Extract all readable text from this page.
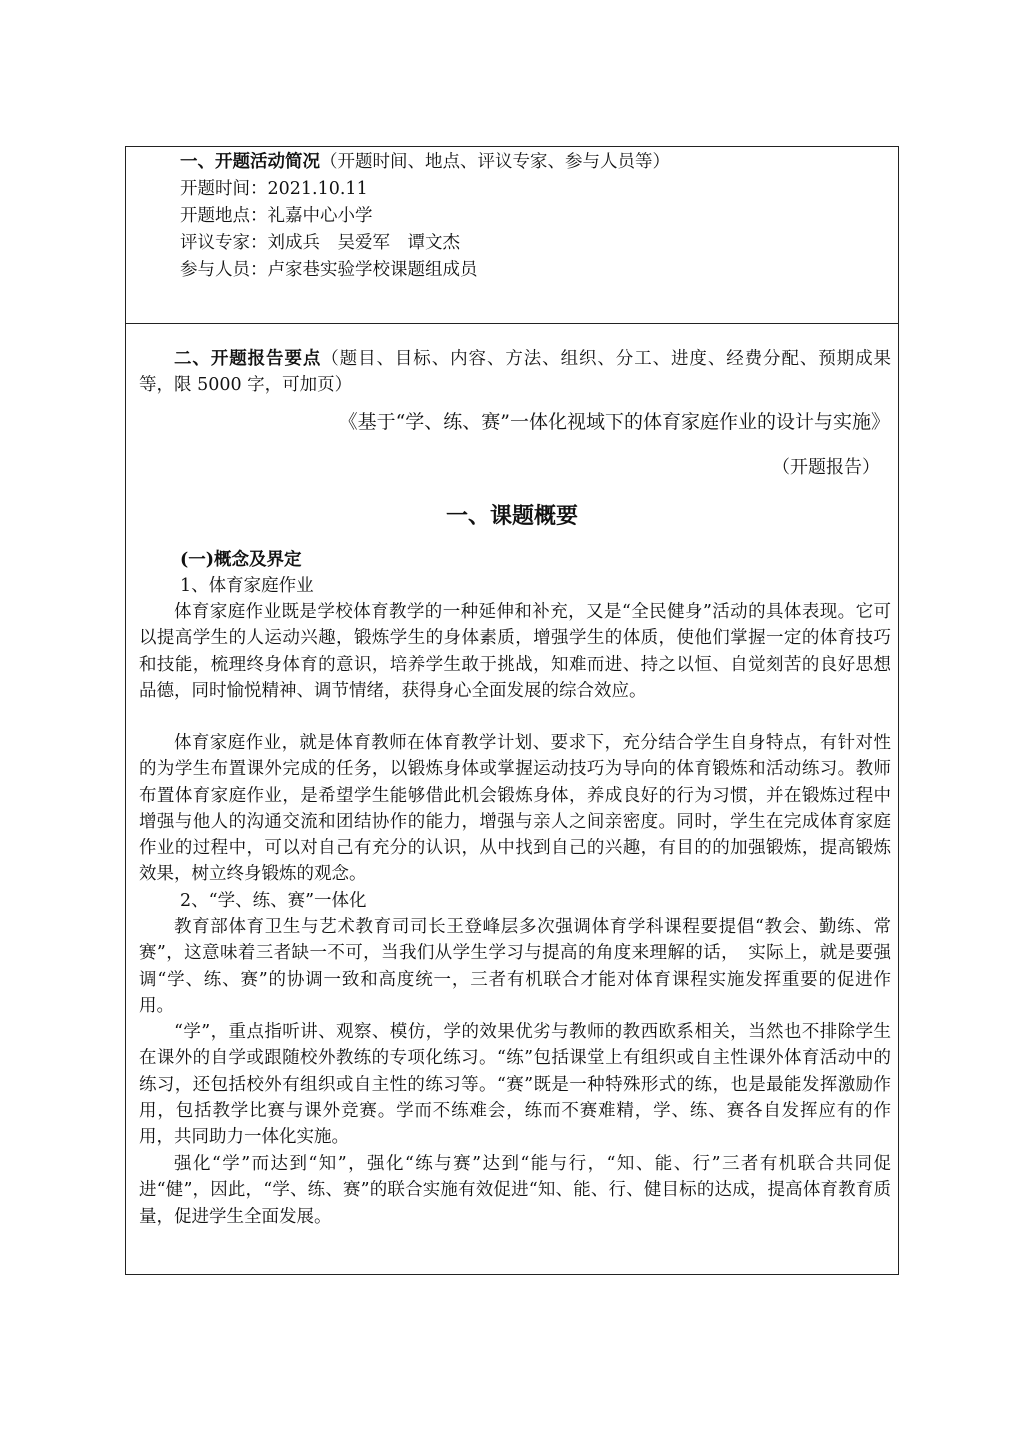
一、开题活动简况（开题时间、地点、评议专家、参与人员等）
开题时间：2021.10.11
开题地点：礼嘉中心小学
评议专家：刘成兵　吴爱军　谭文杰
参与人员：卢家巷实验学校课题组成员
二、开题报告要点（题目、目标、内容、方法、组织、分工、进度、经费分配、预期成果等，限 5000 字，可加页）
《基于“学、练、赛”一体化视域下的体育家庭作业的设计与实施》
（开题报告）
一、课题概要
(一)概念及界定
1、体育家庭作业
体育家庭作业既是学校体育教学的一种延伸和补充，又是“全民健身”活动的具体表现。它可以提高学生的人运动兴趣，锻炼学生的身体素质，增强学生的体质，使他们掌握一定的体育技巧和技能，梳理终身体育的意识，培养学生敢于挑战，知难而进、持之以恒、自觉刻苦的良好思想品德，同时愉悦精神、调节情绪，获得身心全面发展的综合效应。
体育家庭作业，就是体育教师在体育教学计划、要求下，充分结合学生自身特点，有针对性的为学生布置课外完成的任务，以锻炼身体或掌握运动技巧为导向的体育锻炼和活动练习。教师布置体育家庭作业，是希望学生能够借此机会锻炼身体，养成良好的行为习惯，并在锻炼过程中增强与他人的沟通交流和团结协作的能力，增强与亲人之间亲密度。同时，学生在完成体育家庭作业的过程中，可以对自己有充分的认识，从中找到自己的兴趣，有目的的加强锻炼，提高锻炼效果，树立终身锻炼的观念。
2、“学、练、赛”一体化
教育部体育卫生与艺术教育司司长王登峰层多次强调体育学科课程要提倡“教会、勤练、常赛”，这意味着三者缺一不可，当我们从学生学习与提高的角度来理解的话，　实际上，就是要强调“学、练、赛”的协调一致和高度统一，三者有机联合才能对体育课程实施发挥重要的促进作用。
“学”，重点指听讲、观察、模仿，学的效果优劣与教师的教西欧系相关，当然也不排除学生在课外的自学或跟随校外教练的专项化练习。“练”包括课堂上有组织或自主性课外体育活动中的练习，还包括校外有组织或自主性的练习等。“赛”既是一种特殊形式的练，也是最能发挥激励作用，包括教学比赛与课外竞赛。学而不练难会，练而不赛难精，学、练、赛各自发挥应有的作用，共同助力一体化实施。
强化“学”而达到“知”，强化“练与赛”达到“能与行，“知、能、行”三者有机联合共同促进“健”，因此，“学、练、赛”的联合实施有效促进“知、能、行、健目标的达成，提高体育教育质量，促进学生全面发展。
